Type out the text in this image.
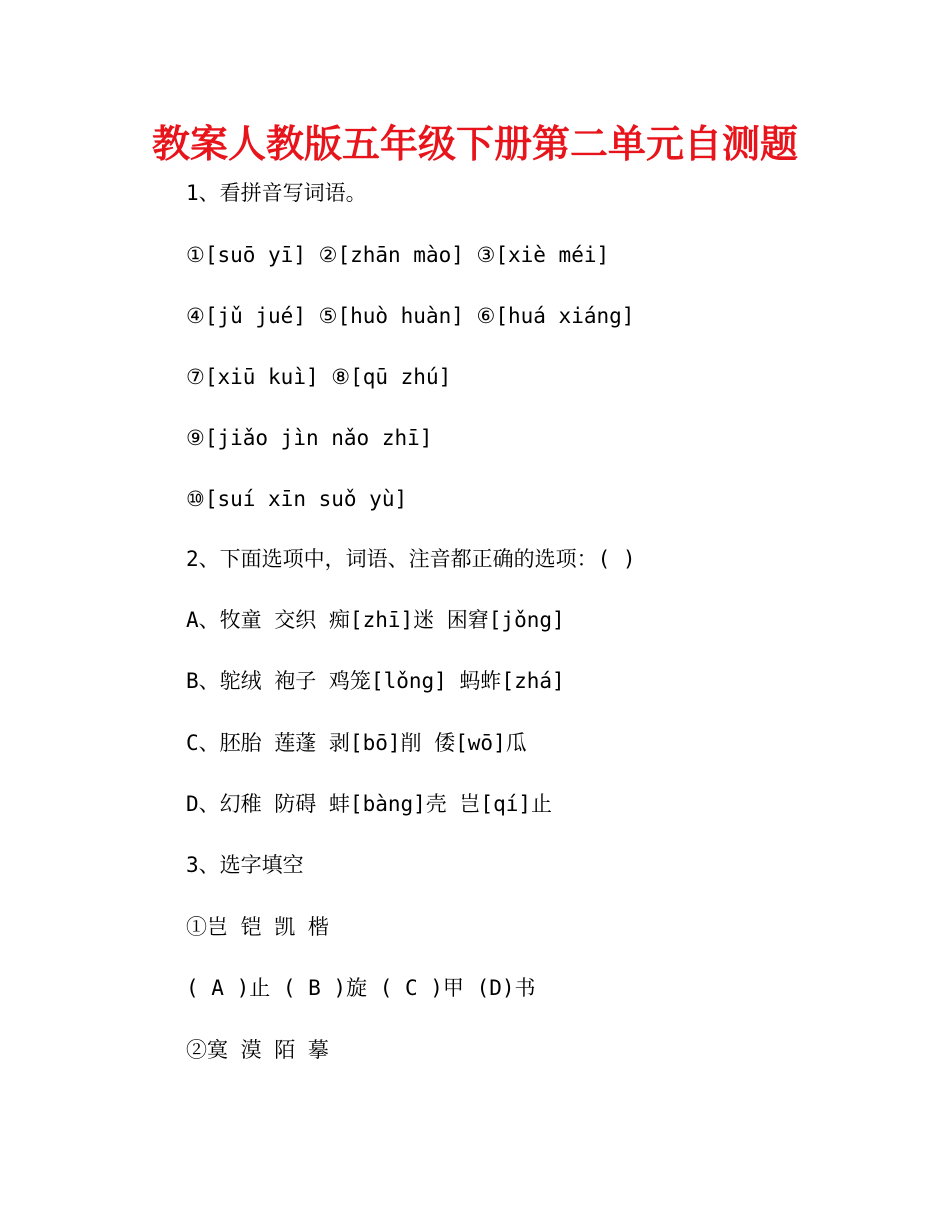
教案人教版五年级下册第二单元自测题

1、看拼音写词语。

①[suō yī] ②[zhān mào] ③[xiè méi]

④[jǔ jué] ⑤[huò huàn] ⑥[huá xiáng]

⑦[xiū kuì] ⑧[qū zhú]

⑨[jiǎo jìn nǎo zhī]

⑩[suí xīn suǒ yù]

2、下面选项中，词语、注音都正确的选项：( )

A、牧童 交织 痴[zhī]迷 困窘[jǒng]

B、鸵绒 袍子 鸡笼[lǒng] 蚂蚱[zhá]

C、胚胎 莲蓬 剥[bō]削 倭[wō]瓜

D、幻稚 防碍 蚌[bàng]壳 岂[qí]止

3、选字填空

①岂 铠 凯 楷

( A )止 ( B )旋 ( C )甲 (D)书

②寞 漠 陌 摹
